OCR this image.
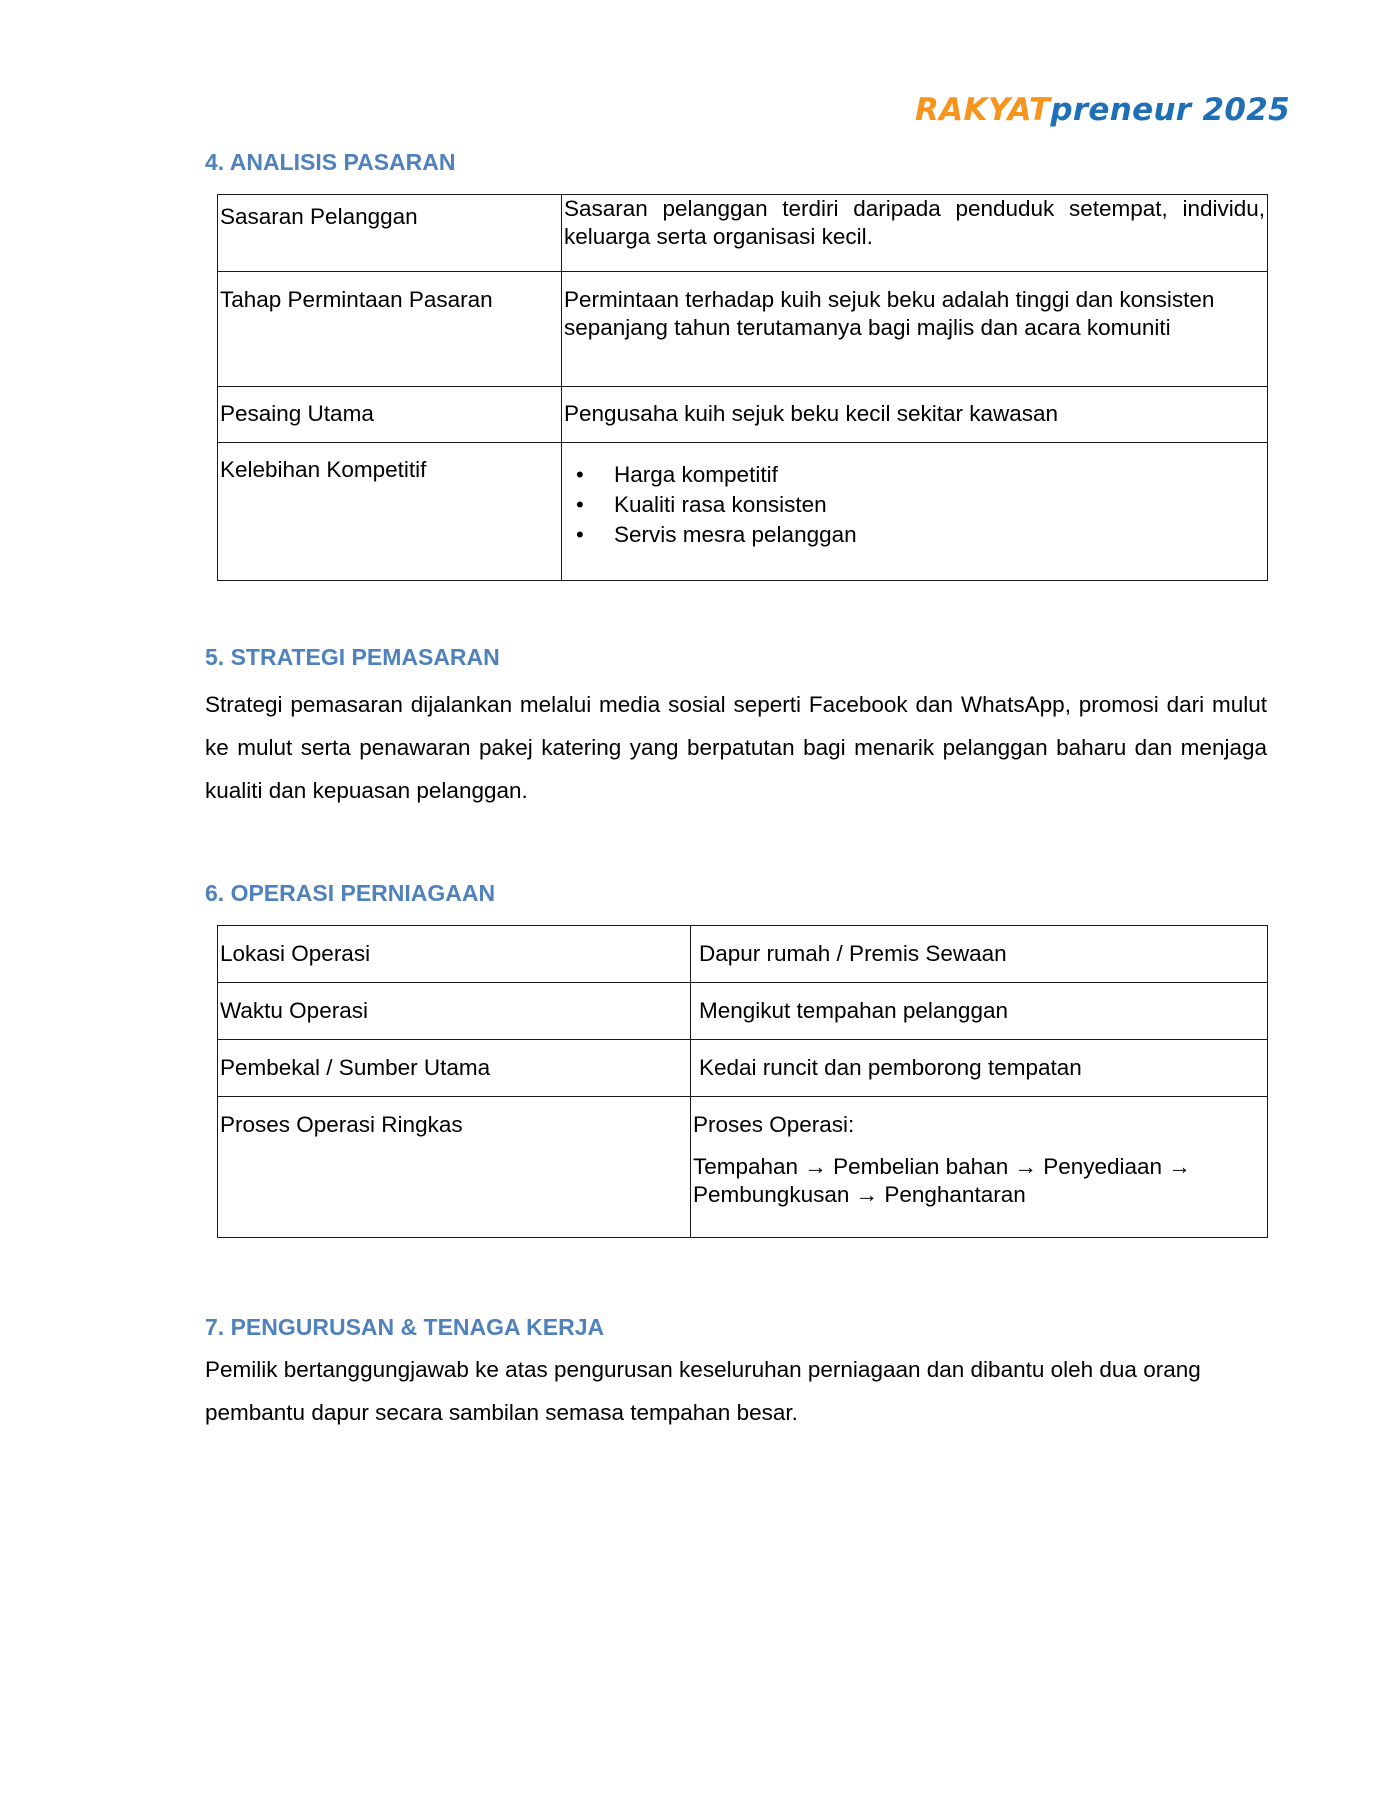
RAKYATpreneur 2025
4. ANALISIS PASARAN
Sasaran Pelanggan	Sasaran pelanggan terdiri daripada penduduk setempat, individu, keluarga serta organisasi kecil.
Tahap Permintaan Pasaran	Permintaan terhadap kuih sejuk beku adalah tinggi dan konsisten sepanjang tahun terutamanya bagi majlis dan acara komuniti
Pesaing Utama	Pengusaha kuih sejuk beku kecil sekitar kawasan
Kelebihan Kompetitif	
•Harga kompetitif
• Kualiti rasa konsisten
• Servis mesra pelanggan
5. STRATEGI PEMASARAN

Strategi pemasaran dijalankan melalui media sosial seperti Facebook dan WhatsApp, promosi dari mulut ke mulut serta penawaran pakej katering yang berpatutan bagi menarik pelanggan baharu dan menjaga kualiti dan kepuasan pelanggan.

6. OPERASI PERNIAGAAN
Lokasi Operasi	Dapur rumah / Premis Sewaan
Waktu Operasi	Mengikut tempahan pelanggan
Pembekal / Sumber Utama	Kedai runcit dan pemborong tempatan
Proses Operasi Ringkas	Proses Operasi:
Tempahan → Pembelian bahan → Penyediaan → Pembungkusan → Penghantaran
7. PENGURUSAN & TENAGA KERJA

Pemilik bertanggungjawab ke atas pengurusan keseluruhan perniagaan dan dibantu oleh dua orang pembantu dapur secara sambilan semasa tempahan besar.
